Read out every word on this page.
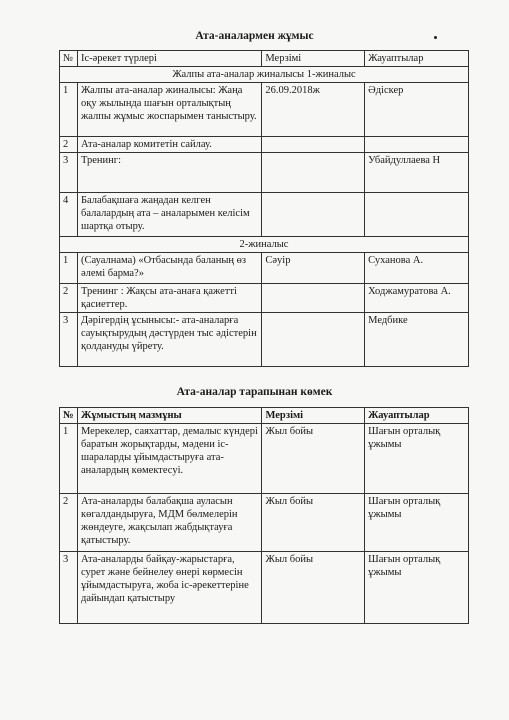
Ата-аналармен жұмыс
№	Іс-әрекет түрлері	Мерзімі	Жауаптылар
Жалпы ата-аналар жиналысы 1-жиналыс			
1	Жалпы ата-аналар жиналысы: Жаңа оқу жылында шағын орталықтың жалпы жұмыс жоспарымен таныстыру.	26.09.2018ж	Әдіскер
2	Ата-аналар комитетін сайлау.		
3	Тренинг:		Убайдуллаева Н
4	Балабақшаға жаңадан келген балалардың ата – аналарымен келісім шартқа отыру.		
2-жиналыс			
1	(Сауалнама) «Отбасында баланың өз әлемі барма?»	Сәуір	Суханова А.
2	Тренинг : Жақсы ата-анаға қажетті қасиеттер.		Ходжамуратова А.
3	Дәрігердің ұсынысы:- ата-аналарға сауықтырудың дәстүрден тыс әдістерін қолдануды үйрету.		Медбике
Ата-аналар тарапынан көмек
№	Жұмыстың мазмұны	Мерзімі	Жауаптылар
1	Мерекелер, саяхаттар, демалыс күндері баратын жорықтарды, мәдени іс-шараларды ұйымдастыруға ата-аналардың көмектесуі.	Жыл бойы	Шағын орталық ұжымы
2	Ата-аналарды балабақша ауласын көгалдандыруға, МДМ бөлмелерін жөндеуге, жақсылап жабдықтауға қатыстыру.	Жыл бойы	Шағын орталық ұжымы
3	Ата-аналарды байқау-жарыстарға, сурет және бейнелеу өнері көрмесін ұйымдастыруға, жоба іс-әрекеттеріне дайындап қатыстыру	Жыл бойы	Шағын орталық ұжымы
